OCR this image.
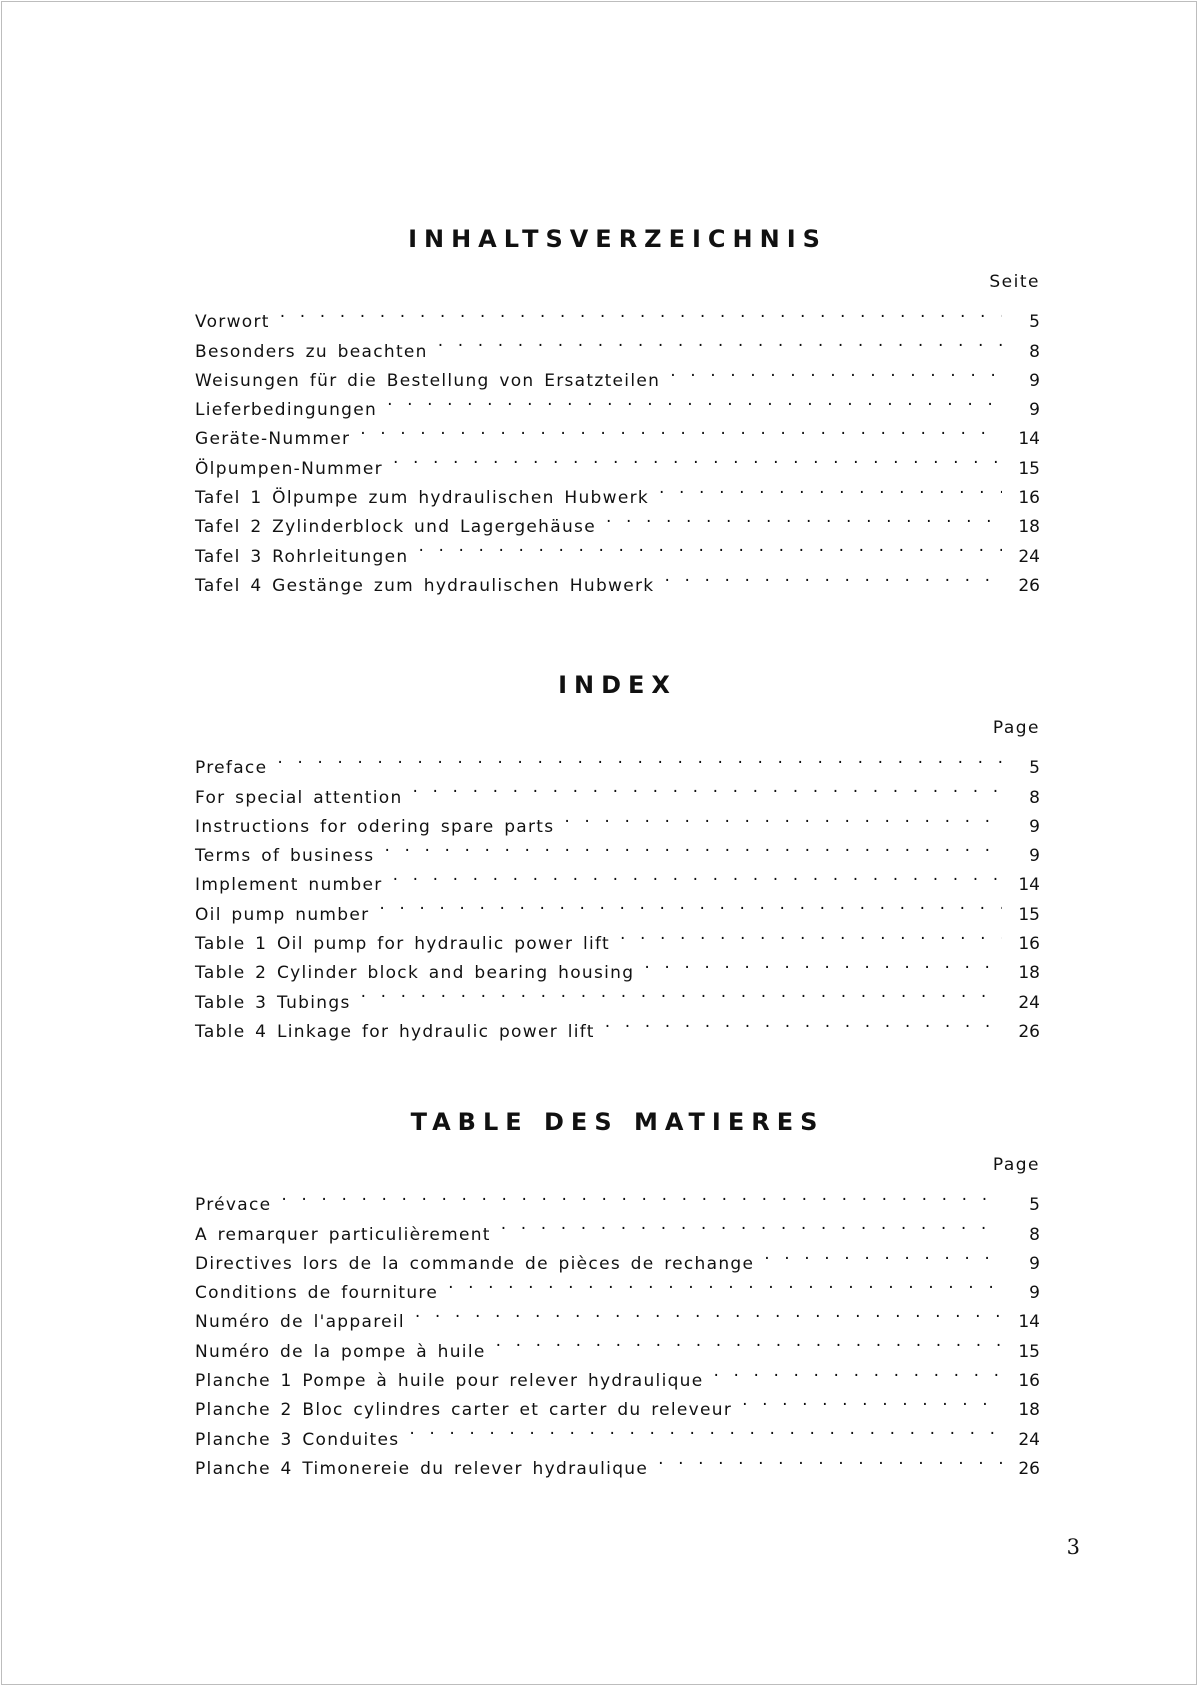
INHALTSVERZEICHNIS
Seite
Vorwort . . .	5
Besonders zu beachten . . .	8
Weisungen für die Bestellung von Ersatzteilen . . .	9
Lieferbedingungen . . .	9
Geräte-Nummer . . .	14
Ölpumpen-Nummer . . .	15
Tafel 1 Ölpumpe zum hydraulischen Hubwerk . . .	16
Tafel 2 Zylinderblock und Lagergehäuse . . .	18
Tafel 3 Rohrleitungen . . .	24
Tafel 4 Gestänge zum hydraulischen Hubwerk . . .	26
INDEX
Page
Preface . . .	5
For special attention . . .	8
Instructions for odering spare parts . . .	9
Terms of business . . .	9
Implement number . . .	14
Oil pump number . . .	15
Table 1 Oil pump for hydraulic power lift . . .	16
Table 2 Cylinder block and bearing housing . . .	18
Table 3 Tubings . . .	24
Table 4 Linkage for hydraulic power lift . . .	26
TABLE DES MATIERES
Page
Prévace . . .	5
A remarquer particulièrement . . .	8
Directives lors de la commande de pièces de rechange . . .	9
Conditions de fourniture . . .	9
Numéro de l'appareil . . .	14
Numéro de la pompe à huile . . .	15
Planche 1 Pompe à huile pour relever hydraulique . . .	16
Planche 2 Bloc cylindres carter et carter du releveur . . .	18
Planche 3 Conduites . . .	24
Planche 4 Timonereie du relever hydraulique . . .	26
3
